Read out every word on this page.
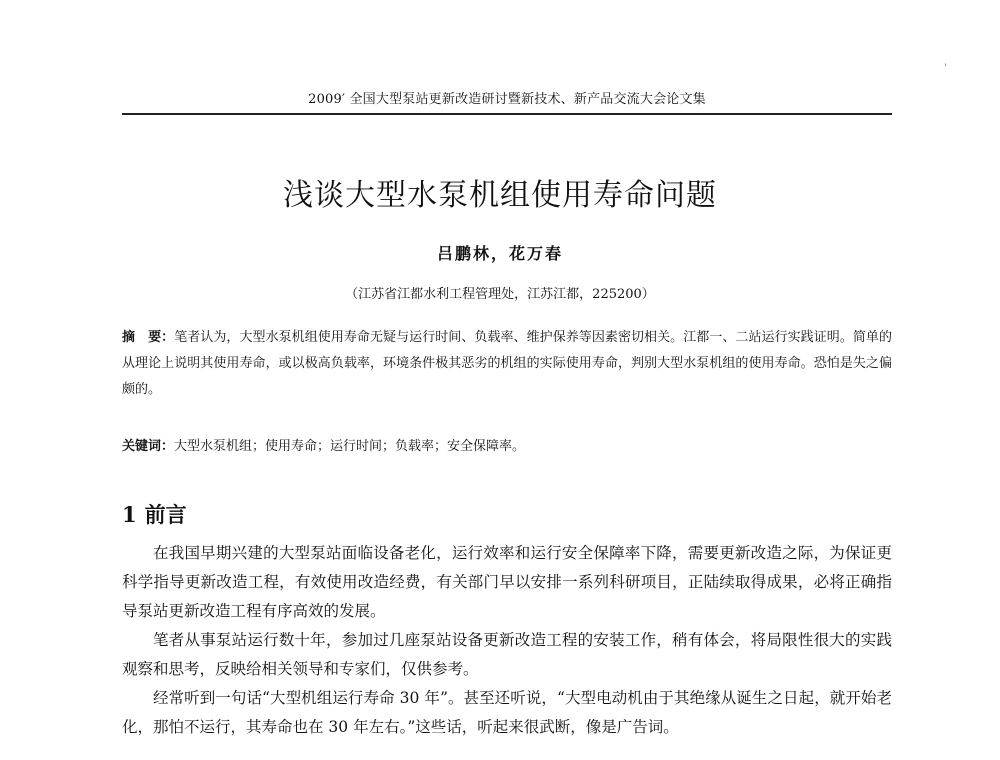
'
2009′ 全国大型泵站更新改造研讨暨新技术、新产品交流大会论文集
浅谈大型水泵机组使用寿命问题
吕鹏林，花万春
（江苏省江都水利工程管理处，江苏江都，225200）

摘　要：笔者认为，大型水泵机组使用寿命无疑与运行时间、负载率、维护保养等因素密切相关。江都一、二站运行实践证明。简单的从理论上说明其使用寿命，或以极高负载率，环境条件极其恶劣的机组的实际使用寿命，判别大型水泵机组的使用寿命。恐怕是失之偏颇的。

关键词：大型水泵机组；使用寿命；运行时间；负载率；安全保障率。
1 前言

在我国早期兴建的大型泵站面临设备老化，运行效率和运行安全保障率下降，需要更新改造之际，为保证更科学指导更新改造工程，有效使用改造经费，有关部门早以安排一系列科研项目，正陆续取得成果，必将正确指导泵站更新改造工程有序高效的发展。

笔者从事泵站运行数十年，参加过几座泵站设备更新改造工程的安装工作，稍有体会，将局限性很大的实践观察和思考，反映给相关领导和专家们，仅供参考。

经常听到一句话“大型机组运行寿命 30 年”。甚至还听说，“大型电动机由于其绝缘从诞生之日起，就开始老化，那怕不运行，其寿命也在 30 年左右。”这些话，听起来很武断，像是广告词。
